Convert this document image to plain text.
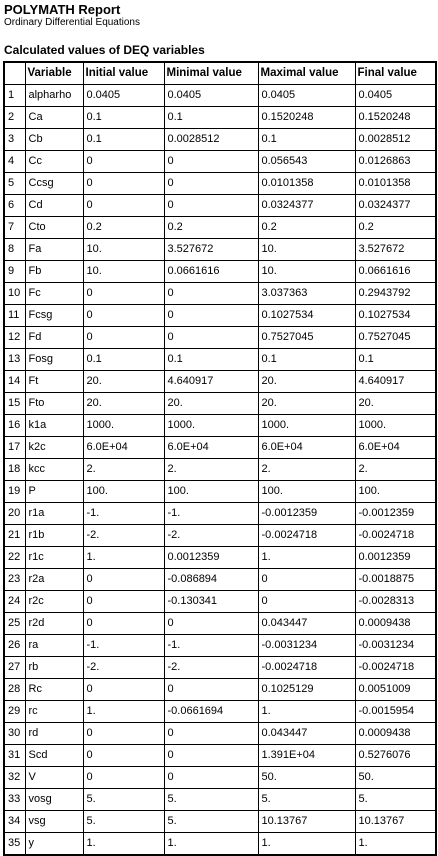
POLYMATH Report
Ordinary Differential Equations
Calculated values of DEQ variables
	Variable	Initial value	Minimal value	Maximal value	Final value
1	alpharho	0.0405	0.0405	0.0405	0.0405
2	Ca	0.1	0.1	0.1520248	0.1520248
3	Cb	0.1	0.0028512	0.1	0.0028512
4	Cc	0	0	0.056543	0.0126863
5	Ccsg	0	0	0.0101358	0.0101358
6	Cd	0	0	0.0324377	0.0324377
7	Cto	0.2	0.2	0.2	0.2
8	Fa	10.	3.527672	10.	3.527672
9	Fb	10.	0.0661616	10.	0.0661616
10	Fc	0	0	3.037363	0.2943792
11	Fcsg	0	0	0.1027534	0.1027534
12	Fd	0	0	0.7527045	0.7527045
13	Fosg	0.1	0.1	0.1	0.1
14	Ft	20.	4.640917	20.	4.640917
15	Fto	20.	20.	20.	20.
16	k1a	1000.	1000.	1000.	1000.
17	k2c	6.0E+04	6.0E+04	6.0E+04	6.0E+04
18	kcc	2.	2.	2.	2.
19	P	100.	100.	100.	100.
20	r1a	-1.	-1.	-0.0012359	-0.0012359
21	r1b	-2.	-2.	-0.0024718	-0.0024718
22	r1c	1.	0.0012359	1.	0.0012359
23	r2a	0	-0.086894	0	-0.0018875
24	r2c	0	-0.130341	0	-0.0028313
25	r2d	0	0	0.043447	0.0009438
26	ra	-1.	-1.	-0.0031234	-0.0031234
27	rb	-2.	-2.	-0.0024718	-0.0024718
28	Rc	0	0	0.1025129	0.0051009
29	rc	1.	-0.0661694	1.	-0.0015954
30	rd	0	0	0.043447	0.0009438
31	Scd	0	0	1.391E+04	0.5276076
32	V	0	0	50.	50.
33	vosg	5.	5.	5.	5.
34	vsg	5.	5.	10.13767	10.13767
35	y	1.	1.	1.	1.
